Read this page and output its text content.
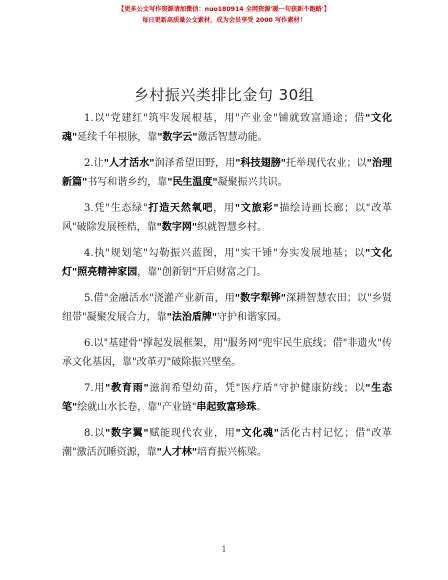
【更多公文写作资源请加微信：nuo180914 全网资源'暖一句获新不跑路'】
每日更新高质量公文素材，成为会员享受 2000 写作素材！
乡村振兴类排比金句 30组

1.以"党建红"筑牢发展根基，用"产业金"铺就致富通途；借"文化魂"延续千年根脉，靠"数字云"激活智慧动能。

2.让"人才活水"润泽希望田野，用"科技翅膀"托举现代农业；以"治理新篇"书写和谐乡约，靠"民生温度"凝聚振兴共识。

3.凭"生态绿"打造天然氧吧，用"文旅彩"描绘诗画长廊；以"改革风"破除发展桎梏，靠"数字网"织就智慧乡村。

4.执"规划笔"勾勒振兴蓝图，用"实干锤"夯实发展地基；以"文化灯"照亮精神家园，靠"创新钥"开启财富之门。

5.借"金融活水"浇灌产业新苗，用"数字犁铧"深耕智慧农田；以"乡贤纽带"凝聚发展合力，靠"法治盾牌"守护和谐家园。

6.以"基建骨"撑起发展框架，用"服务网"兜牢民生底线；借"非遗火"传承文化基因，靠"改革刃"破除振兴壁垒。

7.用"教育雨"滋润希望幼苗，凭"医疗盾"守护健康防线；以"生态笔"绘就山水长卷，靠"产业链"串起致富珍珠。

8.以"数字翼"赋能现代农业，用"文化魂"活化古村记忆；借"改革潮"激活沉睡资源，靠"人才林"培育振兴栋梁。

1
